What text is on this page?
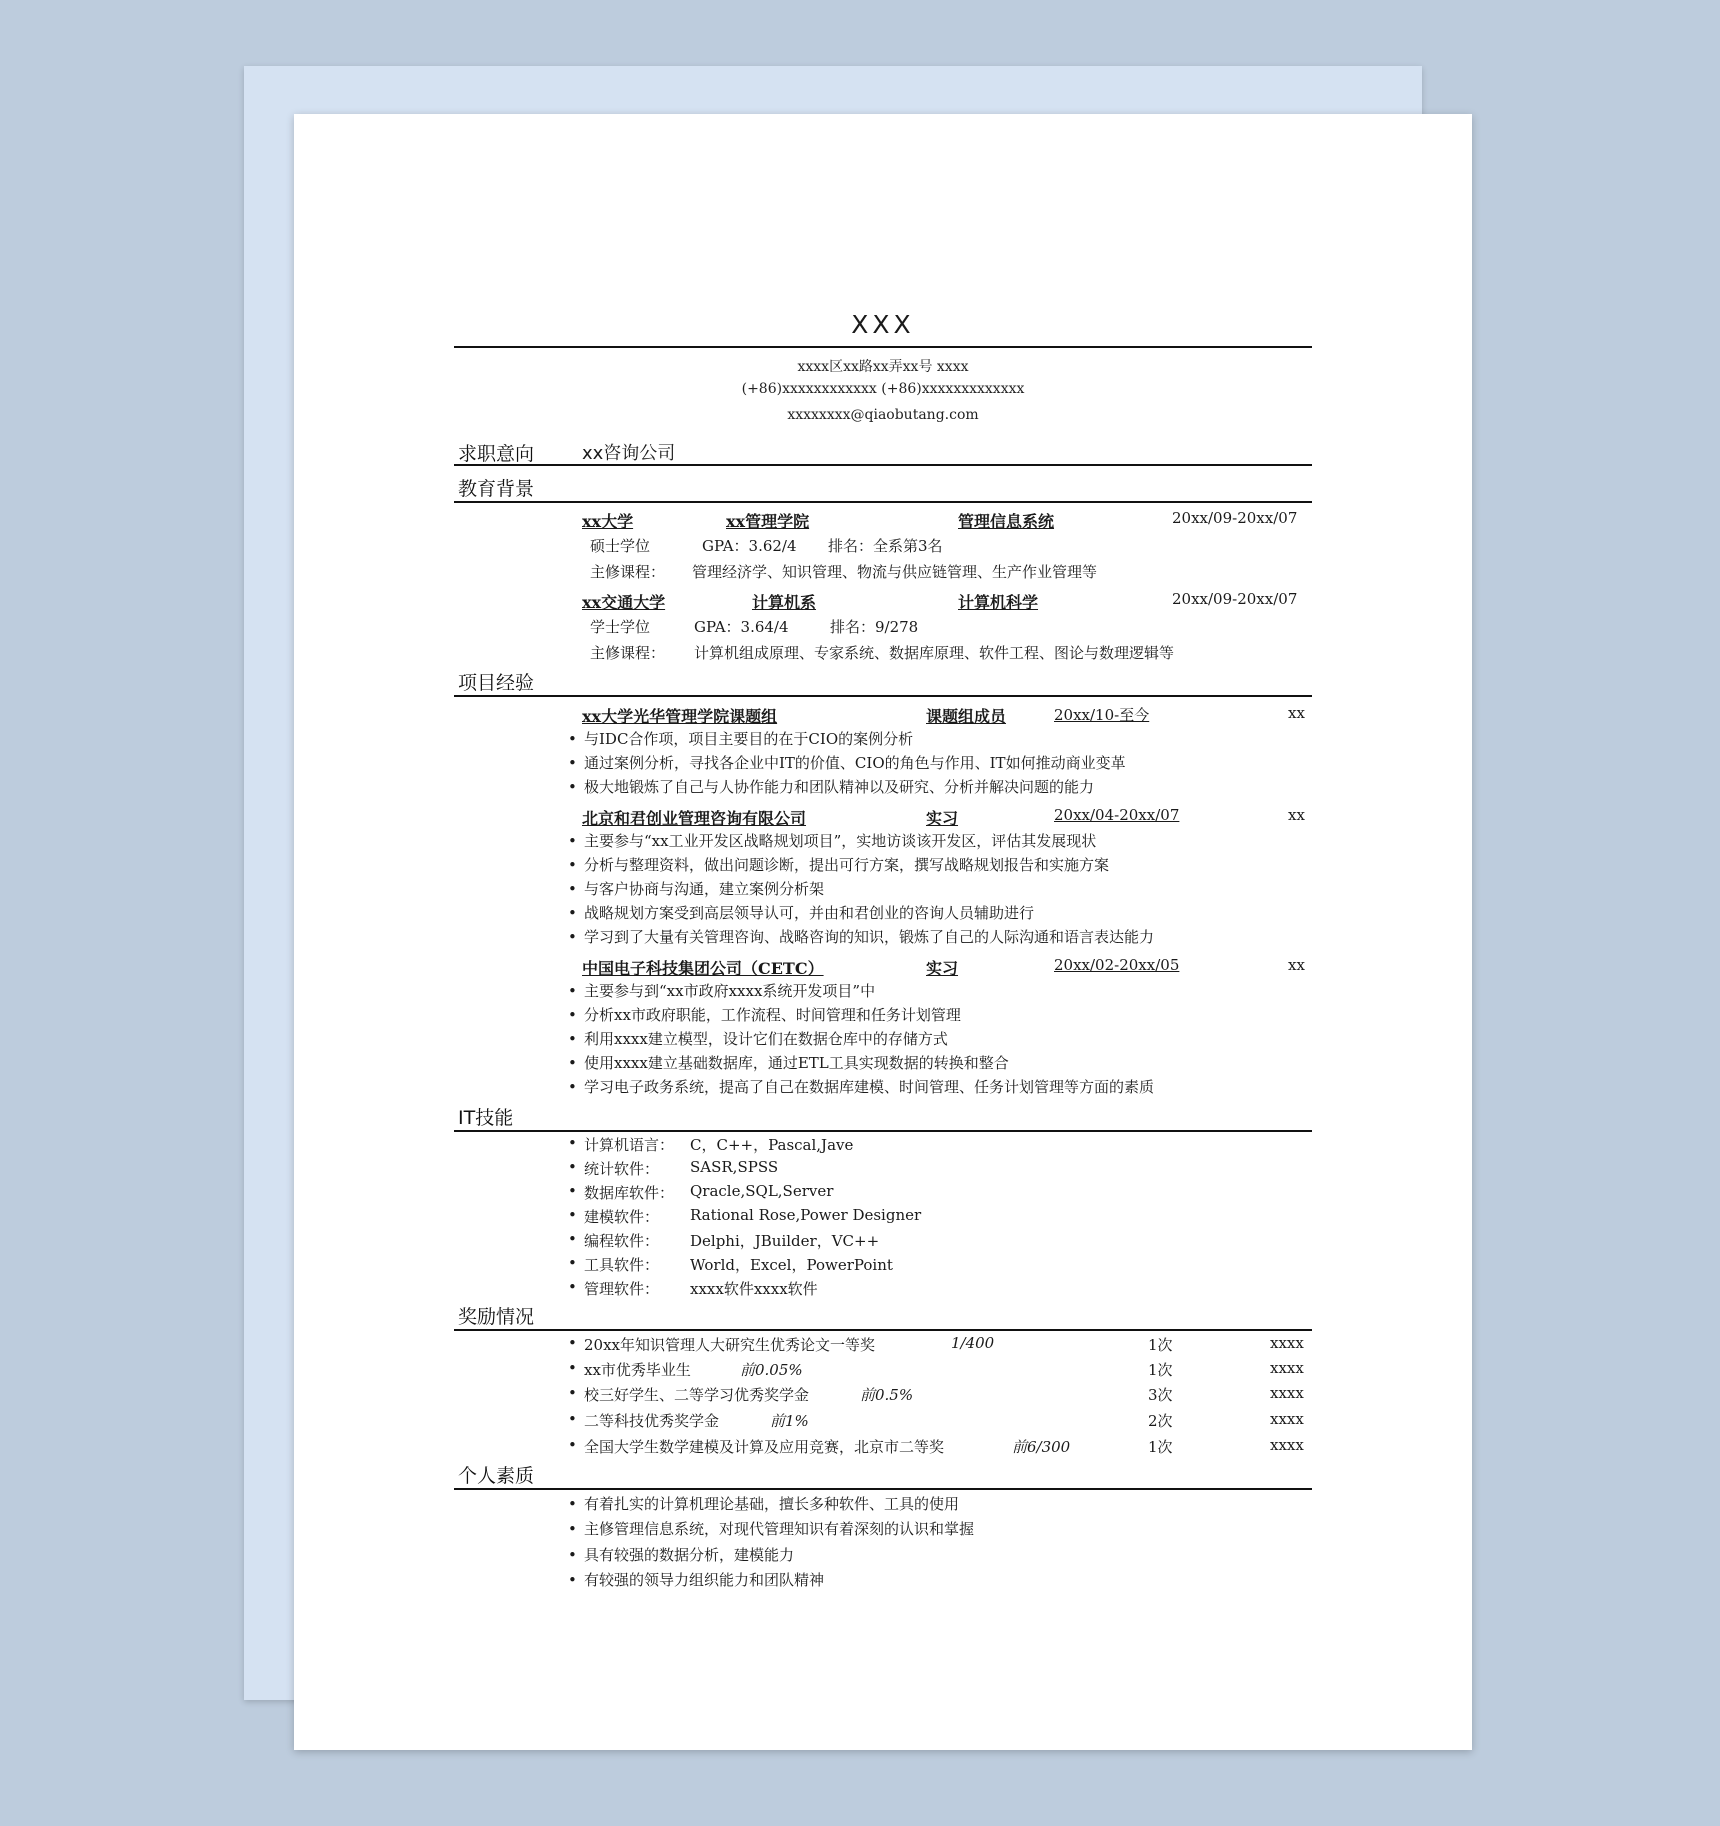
XXX
xxxx区xx路xx弄xx号 xxxx
(+86)xxxxxxxxxxxx (+86)xxxxxxxxxxxxx
xxxxxxxx@qiaobutang.com
求职意向	xx咨询公司
教育背景
xx大学	xx管理学院	管理信息系统	20xx/09-20xx/07
硕士学位	GPA：3.62/4 排名：全系第3名
主修课程： 管理经济学、知识管理、物流与供应链管理、生产作业管理等
xx交通大学	计算机系	计算机科学	20xx/09-20xx/07
学士学位	GPA：3.64/4	排名：9/278
主修课程： 计算机组成原理、专家系统、数据库原理、软件工程、图论与数理逻辑等
项目经验
xx大学光华管理学院课题组	课题组成员	20xx/10-至今	xx
• 与IDC合作项，项目主要目的在于CIO的案例分析
• 通过案例分析，寻找各企业中IT的价值、CIO的角色与作用、IT如何推动商业变革
• 极大地锻炼了自己与人协作能力和团队精神以及研究、分析并解决问题的能力
北京和君创业管理咨询有限公司	实习	20xx/04-20xx/07	xx
• 主要参与“xx工业开发区战略规划项目”，实地访谈该开发区，评估其发展现状
• 分析与整理资料，做出问题诊断，提出可行方案，撰写战略规划报告和实施方案
• 与客户协商与沟通，建立案例分析架
• 战略规划方案受到高层领导认可，并由和君创业的咨询人员辅助进行
• 学习到了大量有关管理咨询、战略咨询的知识，锻炼了自己的人际沟通和语言表达能力
中国电子科技集团公司（CETC）	实习	20xx/02-20xx/05	xx
• 主要参与到“xx市政府xxxx系统开发项目”中
• 分析xx市政府职能，工作流程、时间管理和任务计划管理
• 利用xxxx建立模型，设计它们在数据仓库中的存储方式
• 使用xxxx建立基础数据库，通过ETL工具实现数据的转换和整合
• 学习电子政务系统，提高了自己在数据库建模、时间管理、任务计划管理等方面的素质
IT技能
• 计算机语言： C，C++，Pascal,Jave
• 统计软件： SASR,SPSS
• 数据库软件： Qracle,SQL,Server
• 建模软件： Rational Rose,Power Designer
• 编程软件： Delphi，JBuilder，VC++
• 工具软件： World，Excel，PowerPoint
• 管理软件： xxxx软件xxxx软件
奖励情况
• 20xx年知识管理人大研究生优秀论文一等奖	1/400	1次	xxxx
• xx市优秀毕业生	前0.05%	1次	xxxx
• 校三好学生、二等学习优秀奖学金	前0.5%	3次	xxxx
• 二等科技优秀奖学金	前1%	2次	xxxx
• 全国大学生数学建模及计算及应用竞赛，北京市二等奖	前6/300	1次	xxxx
个人素质
• 有着扎实的计算机理论基础，擅长多种软件、工具的使用
• 主修管理信息系统，对现代管理知识有着深刻的认识和掌握
• 具有较强的数据分析，建模能力
• 有较强的领导力组织能力和团队精神
